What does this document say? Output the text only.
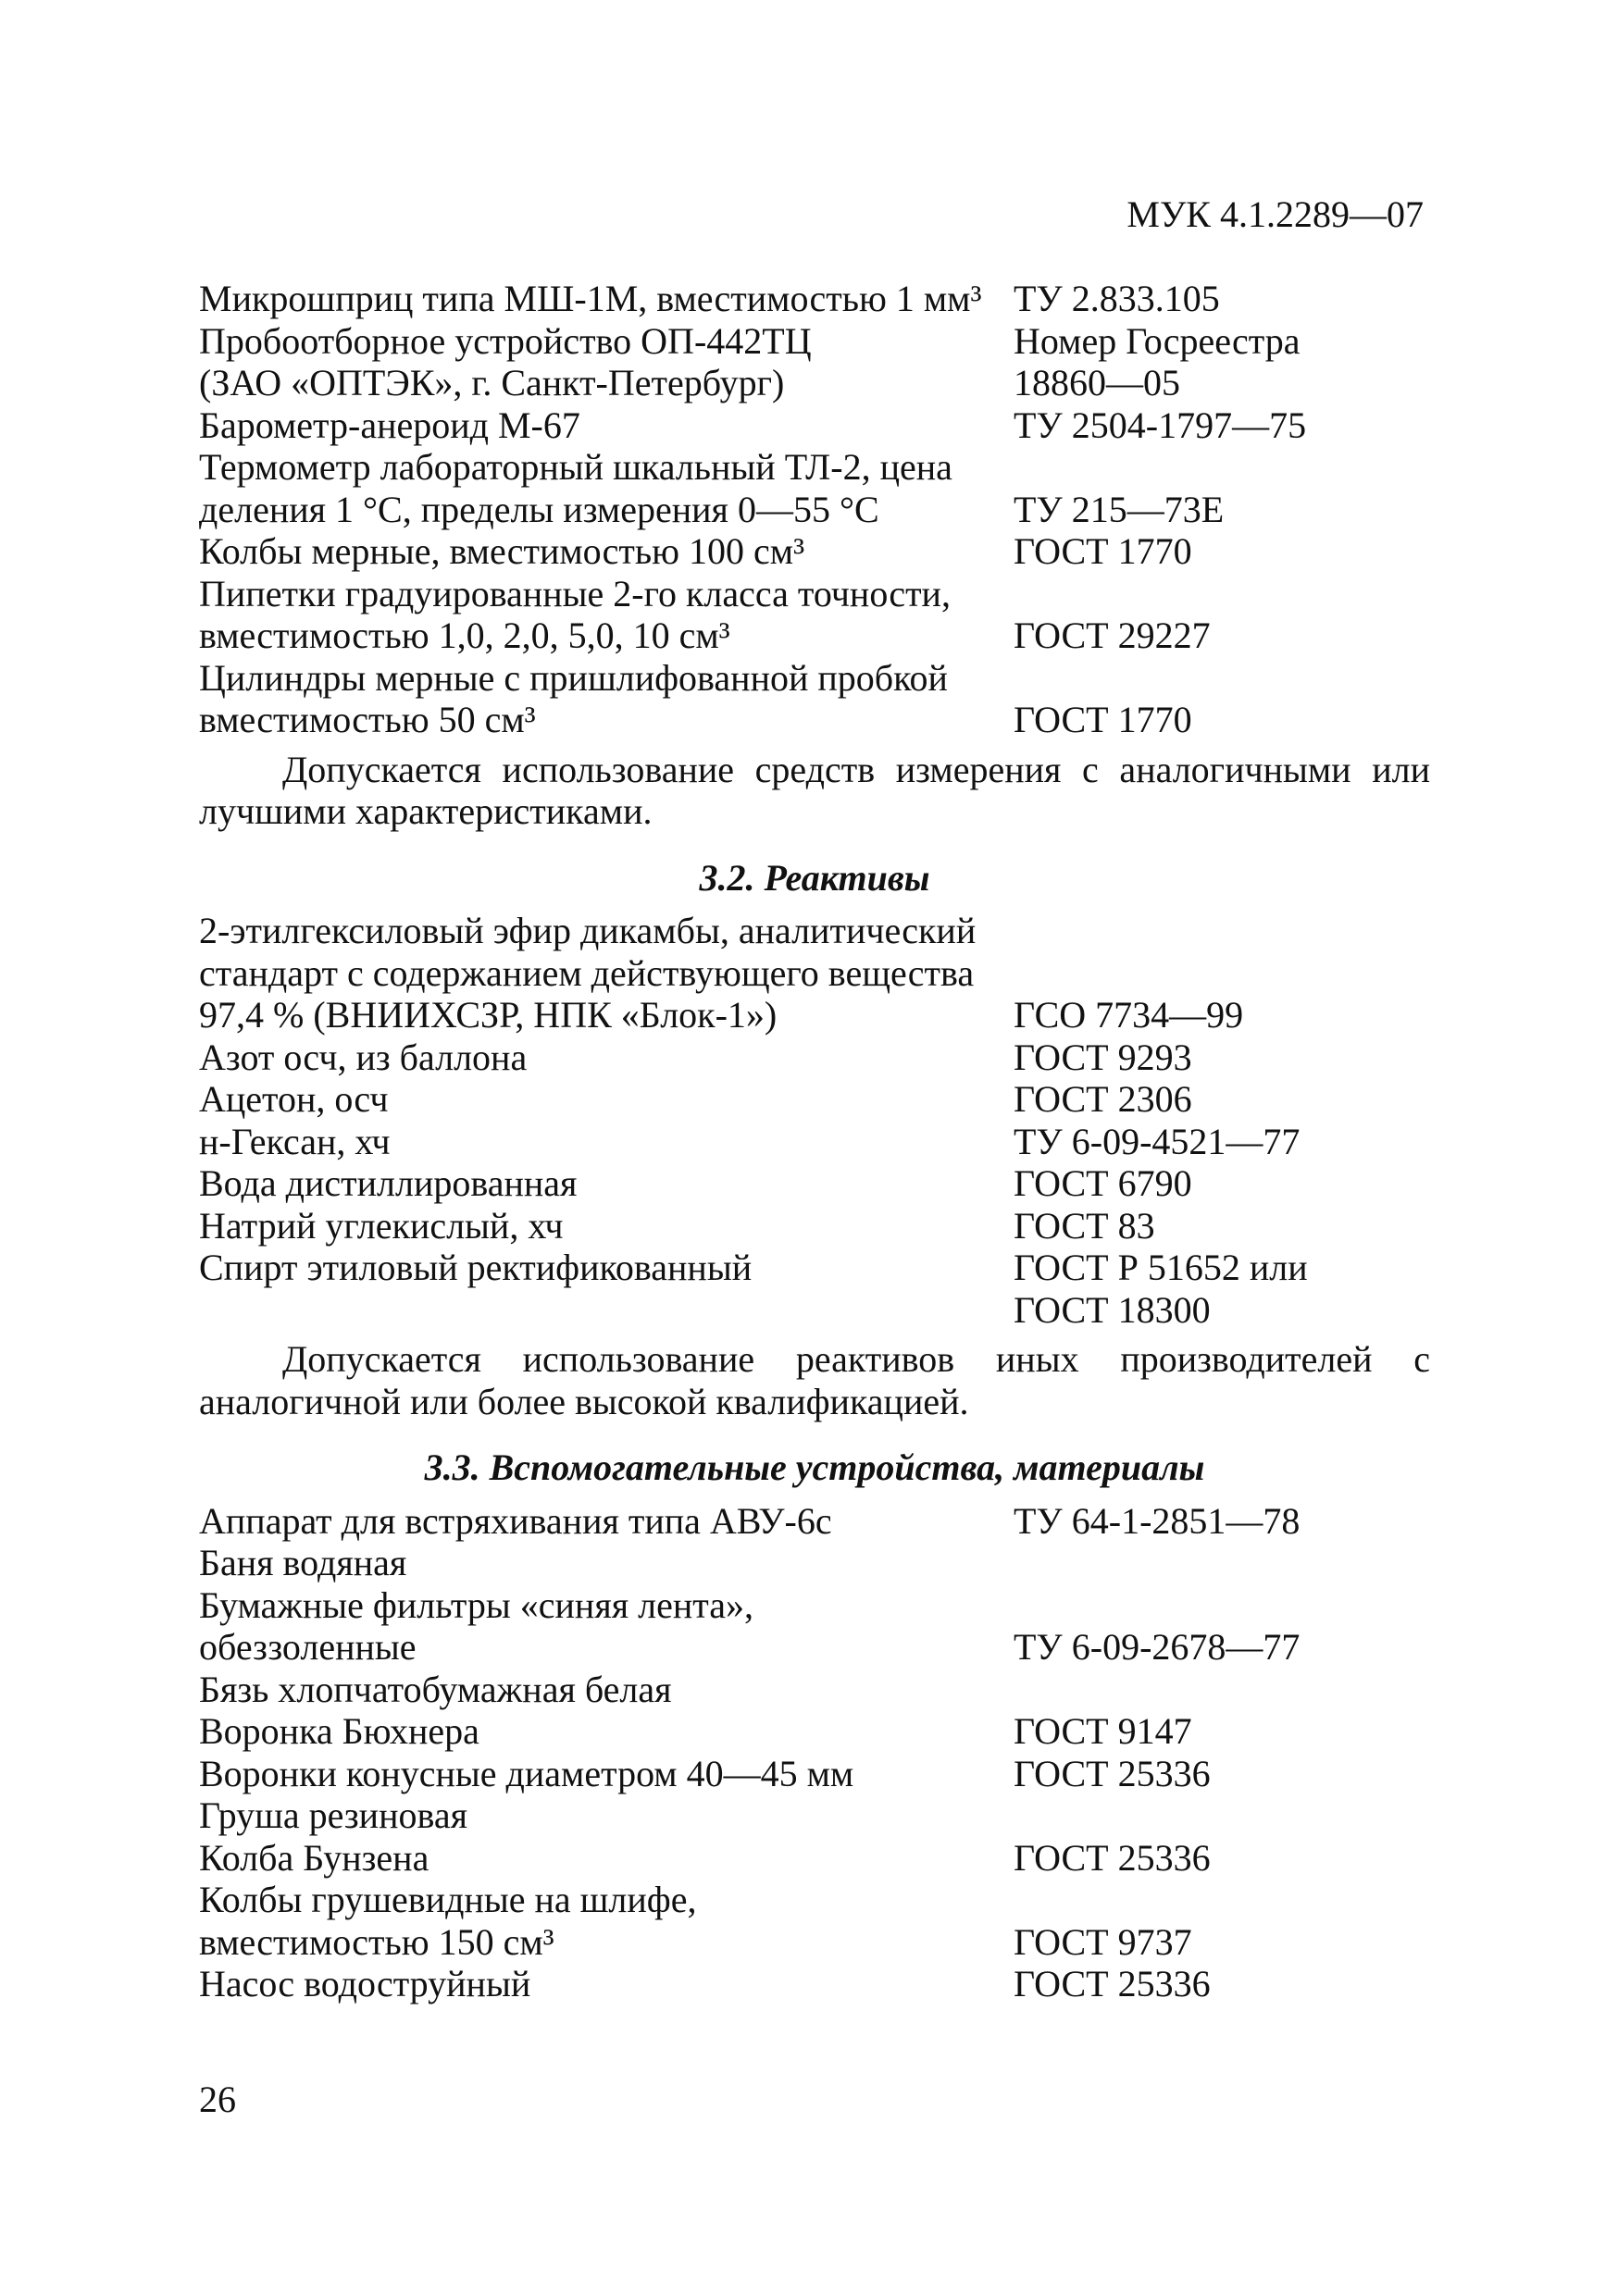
МУК 4.1.2289—07
Микрошприц типа МШ-1М, вместимостью 1 мм³ ТУ 2.833.105
Пробоотборное устройство ОП-442ТЦ	Номер Госреестра
(ЗАО «ОПТЭК», г. Санкт-Петербург)	18860—05
Барометр-анероид М-67	ТУ 2504-1797—75
Термометр лабораторный шкальный ТЛ-2, цена
деления 1 °С, пределы измерения 0—55 °С	ТУ 215—73Е
Колбы мерные, вместимостью 100 см³	ГОСТ 1770
Пипетки градуированные 2-го класса точности,
вместимостью 1,0, 2,0, 5,0, 10 см³	ГОСТ 29227
Цилиндры мерные с пришлифованной пробкой
вместимостью 50 см³	ГОСТ 1770

Допускается использование средств измерения с аналогичными или лучшими характеристиками.

3.2. Реактивы
2-этилгексиловый эфир дикамбы, аналитический
стандарт с содержанием действующего вещества
97,4 % (ВНИИХСЗР, НПК «Блок-1»)	ГСО 7734—99
Азот осч, из баллона	ГОСТ 9293
Ацетон, осч	ГОСТ 2306
н-Гексан, хч	ТУ 6-09-4521—77
Вода дистиллированная	ГОСТ 6790
Натрий углекислый, хч	ГОСТ 83
Спирт этиловый ректификованный	ГОСТ Р 51652 или
ГОСТ 18300

Допускается использование реактивов иных производителей с аналогичной или более высокой квалификацией.

3.3. Вспомогательные устройства, материалы
Аппарат для встряхивания типа АВУ-6с	ТУ 64-1-2851—78
Баня водяная

Бумажные фильтры «синяя лента»,
обеззоленные	ТУ 6-09-2678—77
Бязь хлопчатобумажная белая

Воронка Бюхнера	ГОСТ 9147
Воронки конусные диаметром 40—45 мм	ГОСТ 25336
Груша резиновая

Колба Бунзена	ГОСТ 25336
Колбы грушевидные на шлифе,
вместимостью 150 см³	ГОСТ 9737
Насос водоструйный	ГОСТ 25336
26
